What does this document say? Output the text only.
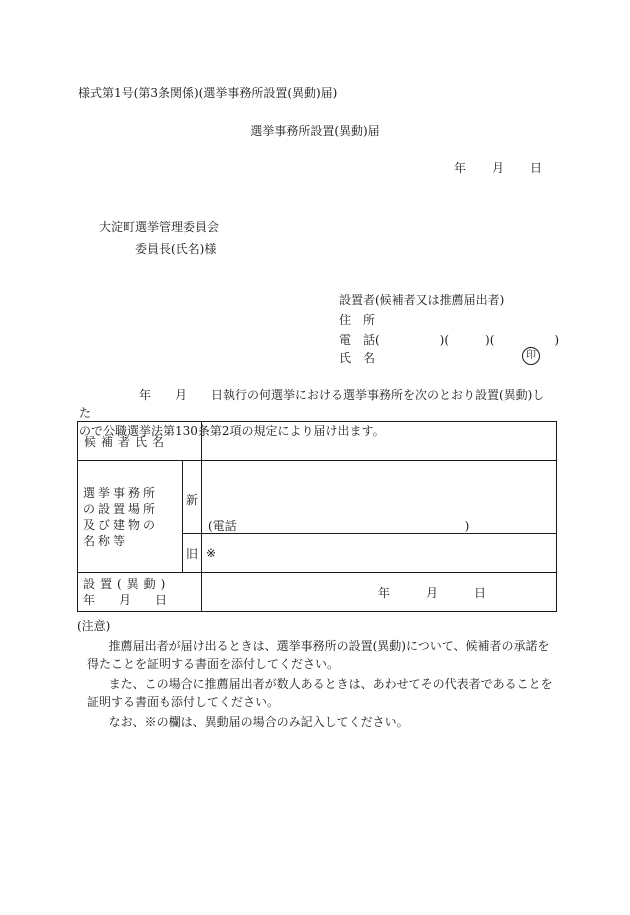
様式第1号(第3条関係)(選挙事務所設置(異動)届)
選挙事務所設置(異動)届
年 月 日
大淀町選挙管理委員会
委員長(氏名)様
設置者(候補者又は推薦届出者)
住　所
電　話(　　　　　)(　　　)(　　　　　)
氏　名	印

　　　　　年　　月　　日執行の何選挙における選挙事務所を次のとおり設置(異動)した

ので公職選挙法第130条第2項の規定により届け出ます。

候補者氏名		

選挙事務所
の設置場所
及び建物の
名称等	新	(電話　　　　　　　　　　　　　　　　　　　)

	旧	※

設置(異動)
年　　月　　日		年　　　月　　　日

(注意)

推薦届出者が届け出るときは、選挙事務所の設置(異動)について、候補者の承諾を得たことを証明する書面を添付してください。

また、この場合に推薦届出者が数人あるときは、あわせてその代表者であることを証明する書面も添付してください。

なお、※の欄は、異動届の場合のみ記入してください。
